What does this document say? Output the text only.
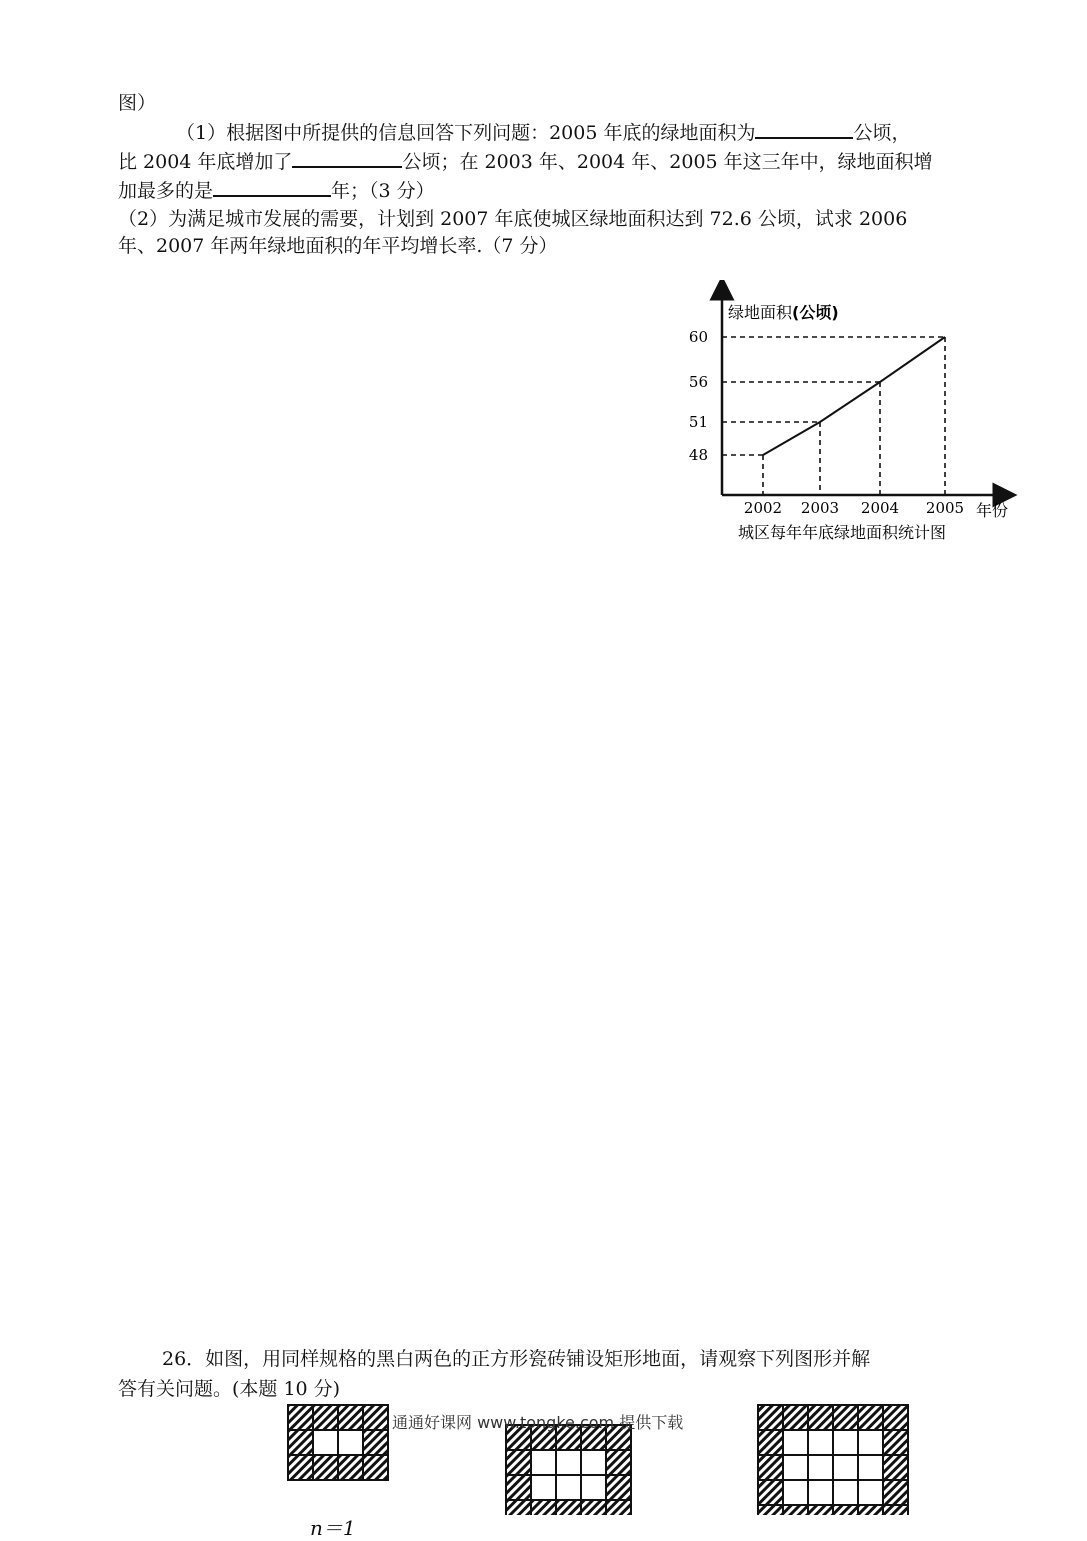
图）
（1）根据图中所提供的信息回答下列问题：2005 年底的绿地面积为	公顷，
比 2004 年底增加了	公顷；在 2003 年、2004 年、2005 年这三年中，绿地面积增
加最多的是	年；（3 分）
（2）为满足城市发展的需要，计划到 2007 年底使城区绿地面积达到 72.6 公顷，试求 2006
年、2007 年两年绿地面积的年平均增长率.（7 分）
绿地面积(公顷)
年份
城区每年年底绿地面积统计图
2002 2003 2004 2005
48
51
56
60
通通好课网 www.tongke.com 提供下载
26．如图，用同样规格的黑白两色的正方形瓷砖铺设矩形地面，请观察下列图形并解
答有关问题。(本题 10 分)
n＝1
